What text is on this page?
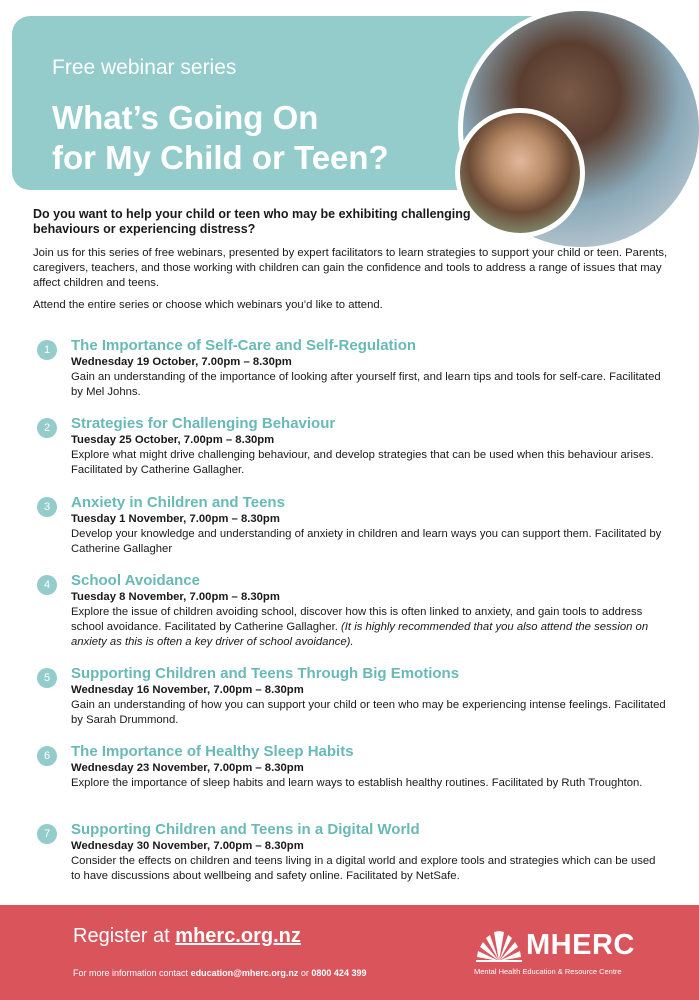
Free webinar series
What’s Going On
for My Child or Teen?
Do you want to help your child or teen who may be exhibiting challenging behaviours or experiencing distress?
Join us for this series of free webinars, presented by expert facilitators to learn strategies to support your child or teen. Parents, caregivers, teachers, and those working with children can gain the confidence and tools to address a range of issues that may affect children and teens.
Attend the entire series or choose which webinars you’d like to attend.
1	The Importance of Self-Care and Self-Regulation
Wednesday 19 October, 7.00pm – 8.30pm
Gain an understanding of the importance of looking after yourself first, and learn tips and tools for self-care. Facilitated by Mel Johns.
2	Strategies for Challenging Behaviour
Tuesday 25 October, 7.00pm – 8.30pm
Explore what might drive challenging behaviour, and develop strategies that can be used when this behaviour arises. Facilitated by Catherine Gallagher.
3	Anxiety in Children and Teens
Tuesday 1 November, 7.00pm – 8.30pm
Develop your knowledge and understanding of anxiety in children and learn ways you can support them. Facilitated by Catherine Gallagher
4	School Avoidance
Tuesday 8 November, 7.00pm – 8.30pm
Explore the issue of children avoiding school, discover how this is often linked to anxiety, and gain tools to address school avoidance. Facilitated by Catherine Gallagher. (It is highly recommended that you also attend the session on anxiety as this is often a key driver of school avoidance).
5	Supporting Children and Teens Through Big Emotions
Wednesday 16 November, 7.00pm – 8.30pm
Gain an understanding of how you can support your child or teen who may be experiencing intense feelings. Facilitated by Sarah Drummond.
6	The Importance of Healthy Sleep Habits
Wednesday 23 November, 7.00pm – 8.30pm
Explore the importance of sleep habits and learn ways to establish healthy routines. Facilitated by Ruth Troughton.
7	Supporting Children and Teens in a Digital World
Wednesday 30 November, 7.00pm – 8.30pm
Consider the effects on children and teens living in a digital world and explore tools and strategies which can be used to have discussions about wellbeing and safety online. Facilitated by NetSafe.
Register at mherc.org.nz
For more information contact education@mherc.org.nz or 0800 424 399
MHERC
Mental Health Education & Resource Centre
